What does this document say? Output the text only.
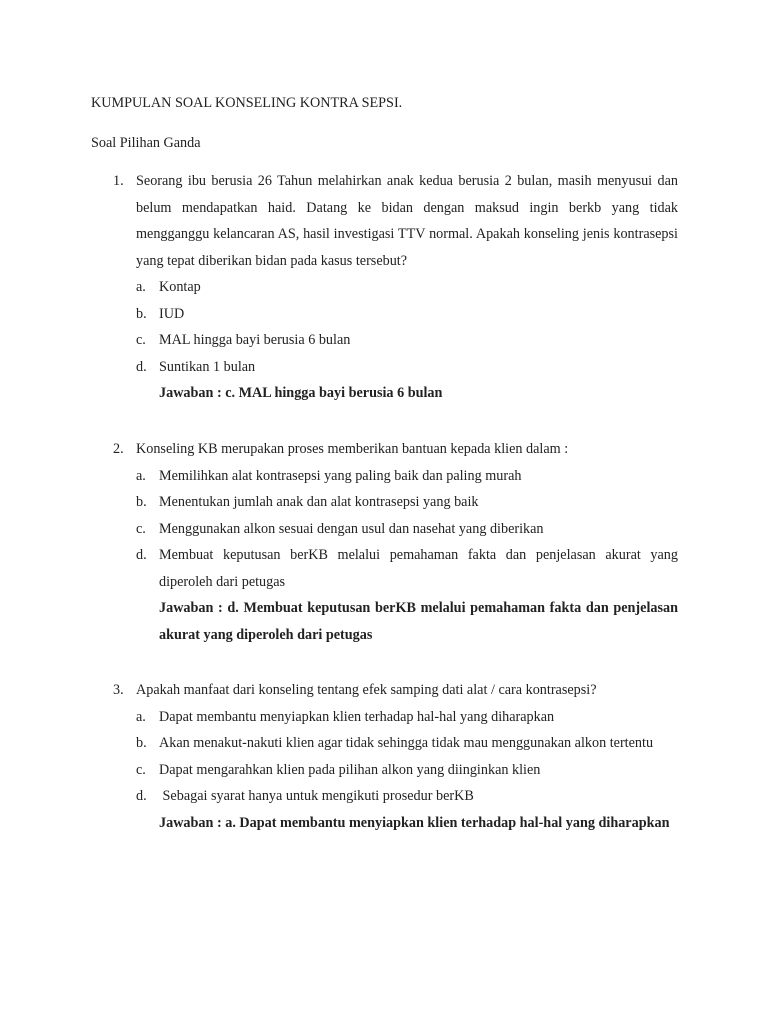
KUMPULAN SOAL KONSELING KONTRA SEPSI.
Soal Pilihan Ganda
1. Seorang ibu berusia 26 Tahun melahirkan anak kedua berusia 2 bulan, masih menyusui dan belum mendapatkan haid. Datang ke bidan dengan maksud ingin berkb yang tidak mengganggu kelancaran AS, hasil investigasi TTV normal. Apakah konseling jenis kontrasepsi yang tepat diberikan bidan pada kasus tersebut?
a. Kontap
b. IUD
c. MAL hingga bayi berusia 6 bulan
d. Suntikan 1 bulan
Jawaban : c. MAL hingga bayi berusia 6 bulan
2. Konseling KB merupakan proses memberikan bantuan kepada klien dalam :
a. Memilihkan alat kontrasepsi yang paling baik dan paling murah
b. Menentukan jumlah anak dan alat kontrasepsi yang baik
c. Menggunakan alkon sesuai dengan usul dan nasehat yang diberikan
d. Membuat keputusan berKB melalui pemahaman fakta dan penjelasan akurat yang diperoleh dari petugas
Jawaban : d. Membuat keputusan berKB melalui pemahaman fakta dan penjelasan akurat yang diperoleh dari petugas
3. Apakah manfaat dari konseling tentang efek samping dati alat / cara kontrasepsi?
a. Dapat membantu menyiapkan klien terhadap hal-hal yang diharapkan
b. Akan menakut-nakuti klien agar tidak sehingga tidak mau menggunakan alkon tertentu
c. Dapat mengarahkan klien pada pilihan alkon yang diinginkan klien
d. Sebagai syarat hanya untuk mengikuti prosedur berKB
Jawaban : a. Dapat membantu menyiapkan klien terhadap hal-hal yang diharapkan
